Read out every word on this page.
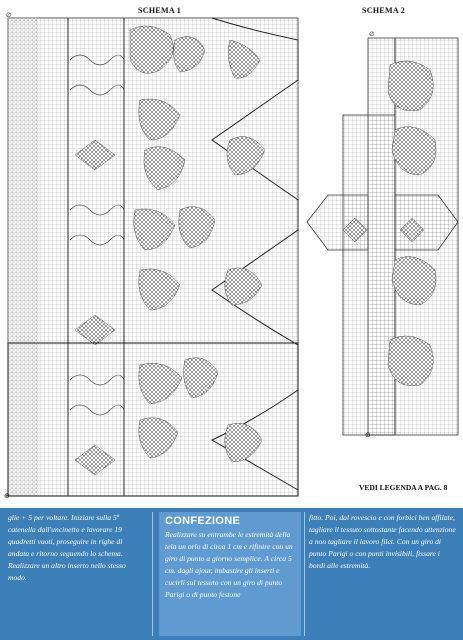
SCHEMA 1	SCHEMA 2
⊕
⊕
∅
∅
VEDI LEGENDA A PAG. 8
glie + 5 per voltare. Iniziare sulla 5ª catenella dall'uncinetto e lavorare 19 quadretti vuoti, proseguire in righe di andata e ritorno seguendo lo schema. Realizzare un altro inserto nello stesso modo.
CONFEZIONE
Realizzare su entrambe le estremità della tela un orlo di circa 1 cm e rifinire con un giro di punto a giorno semplice. A circa 5 cm. dagli ajour, imbastire gli inserti e cucirli sul tessuto con un giro di punto Parigi o di punto festone
fitto. Poi, dal rovescio e con forbici ben affilate, tagliare il tessuto sottostante facendo attenzione a non tagliare il lavoro filet. Con un giro di punto Parigi o con punti invisibili, fissare i bordi alle estremità.
